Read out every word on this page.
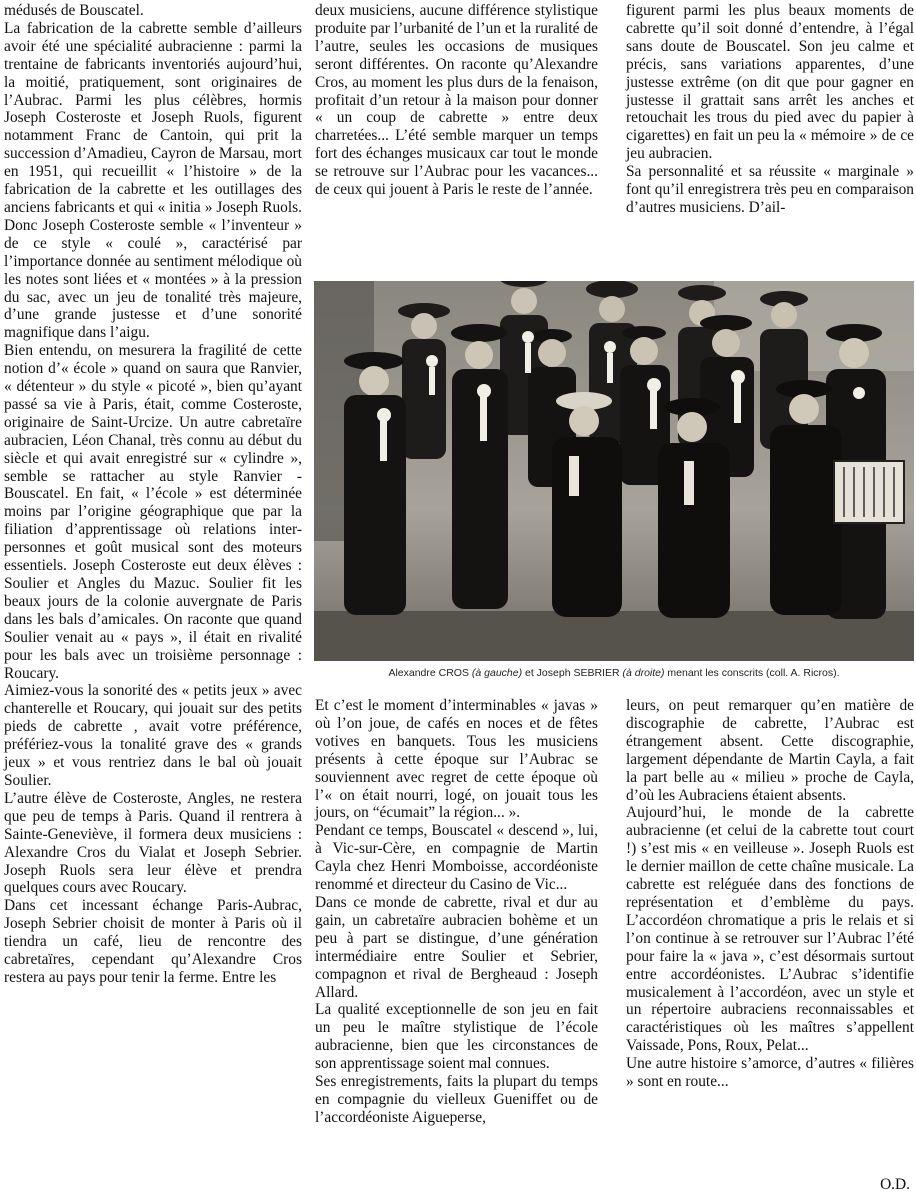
médusés de Bouscatel.

La fabrication de la cabrette semble d’ailleurs avoir été une spécialité aubracienne : parmi la trentaine de fabricants inventoriés aujourd’hui, la moitié, pratiquement, sont originaires de l’Aubrac. Parmi les plus célèbres, hormis Joseph Costeroste et Joseph Ruols, figurent notamment Franc de Cantoin, qui prit la succession d’Amadieu, Cayron de Marsau, mort en 1951, qui recueillit « l’histoire » de la fabrication de la cabrette et les outillages des anciens fabricants et qui « initia » Joseph Ruols. Donc Joseph Costeroste semble « l’inventeur » de ce style « coulé », caractérisé par l’importance donnée au sentiment mélodique où les notes sont liées et « montées » à la pression du sac, avec un jeu de tonalité très majeure, d’une grande justesse et d’une sonorité magnifique dans l’aigu.

Bien entendu, on mesurera la fragilité de cette notion d’« école » quand on saura que Ranvier, « détenteur » du style « picoté », bien qu’ayant passé sa vie à Paris, était, comme Costeroste, originaire de Saint-Urcize. Un autre cabretaïre aubracien, Léon Chanal, très connu au début du siècle et qui avait enregistré sur « cylindre », semble se rattacher au style Ranvier - Bouscatel. En fait, « l’école » est déterminée moins par l’origine géographique que par la filiation d’apprentissage où relations inter-personnes et goût musical sont des moteurs essentiels. Joseph Costeroste eut deux élèves : Soulier et Angles du Mazuc. Soulier fit les beaux jours de la colonie auvergnate de Paris dans les bals d’amicales. On raconte que quand Soulier venait au « pays », il était en rivalité pour les bals avec un troisième personnage : Roucary.

Aimiez-vous la sonorité des « petits jeux » avec chanterelle et Roucary, qui jouait sur des petits pieds de cabrette , avait votre préférence, préfériez-vous la tonalité grave des « grands jeux » et vous rentriez dans le bal où jouait Soulier.

L’autre élève de Costeroste, Angles, ne restera que peu de temps à Paris. Quand il rentrera à Sainte-Geneviève, il formera deux musiciens : Alexandre Cros du Vialat et Joseph Sebrier. Joseph Ruols sera leur élève et prendra quelques cours avec Roucary.

Dans cet incessant échange Paris-Aubrac, Joseph Sebrier choisit de monter à Paris où il tiendra un café, lieu de rencontre des cabretaïres, cependant qu’Alexandre Cros restera au pays pour tenir la ferme. Entre les

deux musiciens, aucune différence stylistique produite par l’urbanité de l’un et la ruralité de l’autre, seules les occasions de musiques seront différentes. On raconte qu’Alexandre Cros, au moment les plus durs de la fenaison, profitait d’un retour à la maison pour donner « un coup de cabrette » entre deux charretées... L’été semble marquer un temps fort des échanges musicaux car tout le monde se retrouve sur l’Aubrac pour les vacances... de ceux qui jouent à Paris le reste de l’année.

figurent parmi les plus beaux moments de cabrette qu’il soit donné d’entendre, à l’égal sans doute de Bouscatel. Son jeu calme et précis, sans variations apparentes, d’une justesse extrême (on dit que pour gagner en justesse il grattait sans arrêt les anches et retouchait les trous du pied avec du papier à cigarettes) en fait un peu la « mémoire » de ce jeu aubracien.

Sa personnalité et sa réussite « marginale » font qu’il enregistrera très peu en comparaison d’autres musiciens. D’ail-

Alexandre CROS (à gauche) et Joseph SEBRIER (à droite) menant les conscrits (coll. A. Ricros).

Et c’est le moment d’interminables « javas » où l’on joue, de cafés en noces et de fêtes votives en banquets. Tous les musiciens présents à cette époque sur l’Aubrac se souviennent avec regret de cette époque où l’« on était nourri, logé, on jouait tous les jours, on “écumait” la région... ».

Pendant ce temps, Bouscatel « descend », lui, à Vic-sur-Cère, en compagnie de Martin Cayla chez Henri Momboisse, accordéoniste renommé et directeur du Casino de Vic...

Dans ce monde de cabrette, rival et dur au gain, un cabretaïre aubracien bohème et un peu à part se distingue, d’une génération intermédiaire entre Soulier et Sebrier, compagnon et rival de Bergheaud : Joseph Allard.

La qualité exceptionnelle de son jeu en fait un peu le maître stylistique de l’école aubracienne, bien que les circonstances de son apprentissage soient mal connues.

Ses enregistrements, faits la plupart du temps en compagnie du vielleux Gueniffet ou de l’accordéoniste Aigueperse,

leurs, on peut remarquer qu’en matière de discographie de cabrette, l’Aubrac est étrangement absent. Cette discographie, largement dépendante de Martin Cayla, a fait la part belle au « milieu » proche de Cayla, d’où les Aubraciens étaient absents.

Aujourd’hui, le monde de la cabrette aubracienne (et celui de la cabrette tout court !) s’est mis « en veilleuse ». Joseph Ruols est le dernier maillon de cette chaîne musicale. La cabrette est reléguée dans des fonctions de représentation et d’emblème du pays. L’accordéon chromatique a pris le relais et si l’on continue à se retrouver sur l’Aubrac l’été pour faire la « java », c’est désormais surtout entre accordéonistes. L’Aubrac s’identifie musicalement à l’accordéon, avec un style et un répertoire aubraciens reconnaissables et caractéristiques où les maîtres s’appellent Vaissade, Pons, Roux, Pelat...

Une autre histoire s’amorce, d’autres « filières » sont en route...

O.D.
